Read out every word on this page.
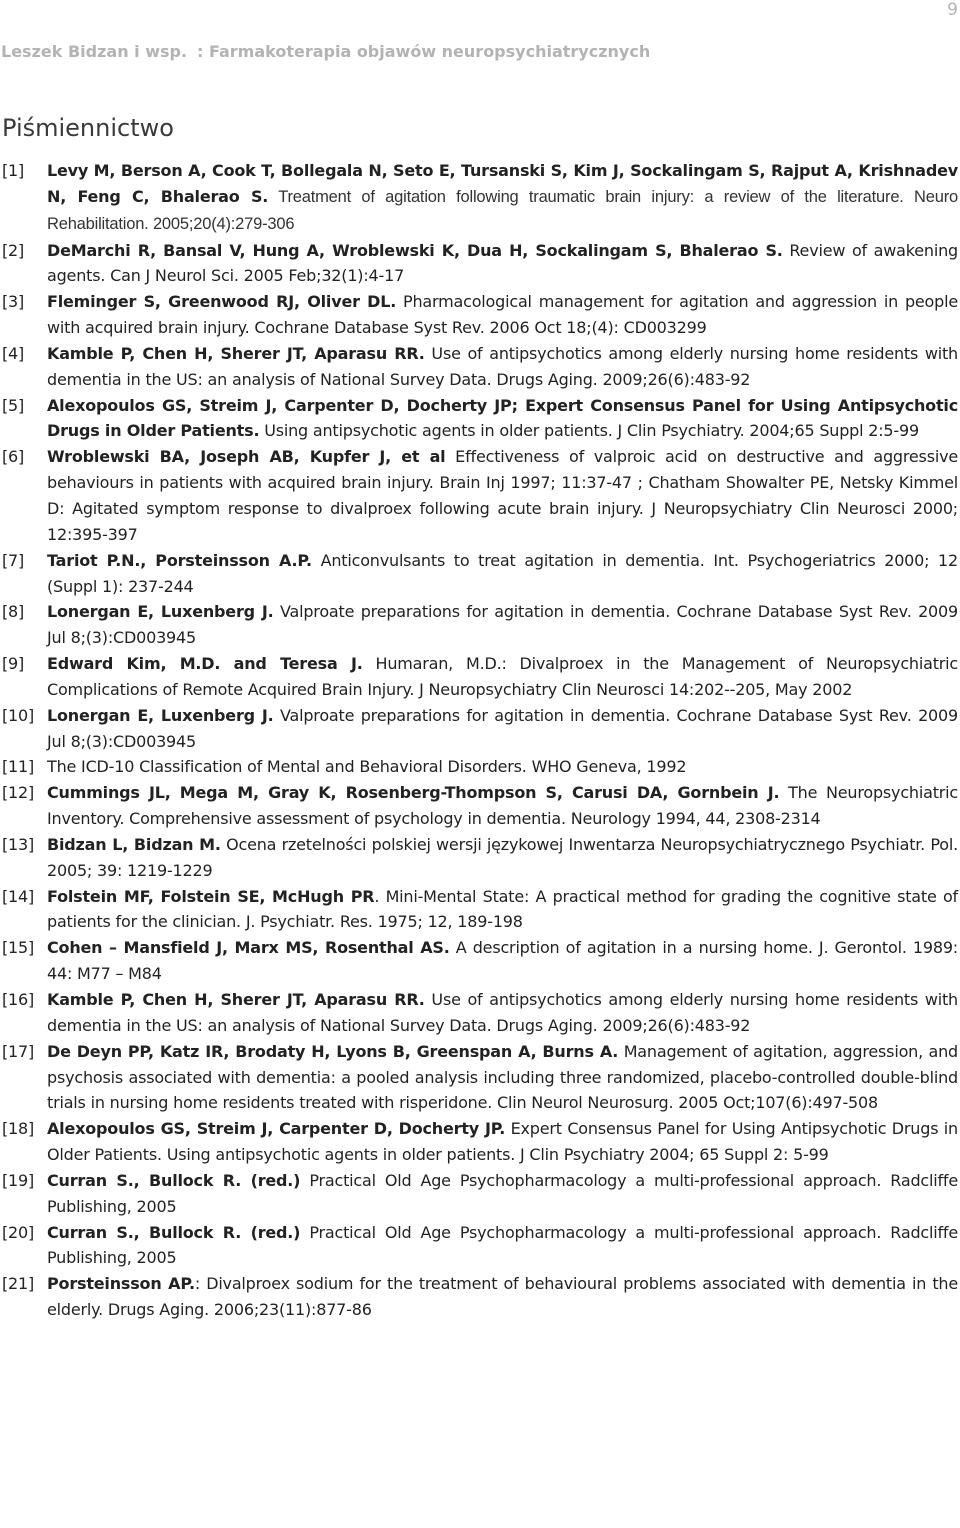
9
Leszek Bidzan i wsp. : Farmakoterapia objawów neuropsychiatrycznych
Piśmiennictwo
[1] Levy M, Berson A, Cook T, Bollegala N, Seto E, Tursanski S, Kim J, Sockalingam S, Rajput A, Krishnadev N, Feng C, Bhalerao S. Treatment of agitation following traumatic brain injury: a review of the literature. Neuro Rehabilitation. 2005;20(4):279-306
[2] DeMarchi R, Bansal V, Hung A, Wroblewski K, Dua H, Sockalingam S, Bhalerao S. Review of awakening agents. Can J Neurol Sci. 2005 Feb;32(1):4-17
[3] Fleminger S, Greenwood RJ, Oliver DL. Pharmacological management for agitation and aggression in people with acquired brain injury. Cochrane Database Syst Rev. 2006 Oct 18;(4): CD003299
[4] Kamble P, Chen H, Sherer JT, Aparasu RR. Use of antipsychotics among elderly nursing home residents with dementia in the US: an analysis of National Survey Data. Drugs Aging. 2009;26(6):483-92
[5] Alexopoulos GS, Streim J, Carpenter D, Docherty JP; Expert Consensus Panel for Using Antipsychotic Drugs in Older Patients. Using antipsychotic agents in older patients. J Clin Psychiatry. 2004;65 Suppl 2:5-99
[6] Wroblewski BA, Joseph AB, Kupfer J, et al Effectiveness of valproic acid on destructive and aggressive behaviours in patients with acquired brain injury. Brain Inj 1997; 11:37-47 ; Chatham Showalter PE, Netsky Kimmel D: Agitated symptom response to divalproex following acute brain injury. J Neuropsychiatry Clin Neurosci 2000; 12:395-397
[7] Tariot P.N., Porsteinsson A.P. Anticonvulsants to treat agitation in dementia. Int. Psychogeriatrics 2000; 12 (Suppl 1): 237-244
[8] Lonergan E, Luxenberg J. Valproate preparations for agitation in dementia. Cochrane Database Syst Rev. 2009 Jul 8;(3):CD003945
[9] Edward Kim, M.D. and Teresa J. Humaran, M.D.: Divalproex in the Management of Neuropsychiatric Complications of Remote Acquired Brain Injury. J Neuropsychiatry Clin Neurosci 14:202--205, May 2002
[10] Lonergan E, Luxenberg J. Valproate preparations for agitation in dementia. Cochrane Database Syst Rev. 2009 Jul 8;(3):CD003945
[11] The ICD-10 Classification of Mental and Behavioral Disorders. WHO Geneva, 1992
[12] Cummings JL, Mega M, Gray K, Rosenberg-Thompson S, Carusi DA, Gornbein J. The Neuropsychiatric Inventory. Comprehensive assessment of psychology in dementia. Neurology 1994, 44, 2308-2314
[13] Bidzan L, Bidzan M. Ocena rzetelności polskiej wersji językowej Inwentarza Neuropsychiatrycznego Psychiatr. Pol. 2005; 39: 1219-1229
[14] Folstein MF, Folstein SE, McHugh PR. Mini-Mental State: A practical method for grading the cognitive state of patients for the clinician. J. Psychiatr. Res. 1975; 12, 189-198
[15] Cohen – Mansfield J, Marx MS, Rosenthal AS. A description of agitation in a nursing home. J. Gerontol. 1989: 44: M77 – M84
[16] Kamble P, Chen H, Sherer JT, Aparasu RR. Use of antipsychotics among elderly nursing home residents with dementia in the US: an analysis of National Survey Data. Drugs Aging. 2009;26(6):483-92
[17] De Deyn PP, Katz IR, Brodaty H, Lyons B, Greenspan A, Burns A. Management of agitation, aggression, and psychosis associated with dementia: a pooled analysis including three randomized, placebo-controlled double-blind trials in nursing home residents treated with risperidone. Clin Neurol Neurosurg. 2005 Oct;107(6):497-508
[18] Alexopoulos GS, Streim J, Carpenter D, Docherty JP. Expert Consensus Panel for Using Antipsychotic Drugs in Older Patients. Using antipsychotic agents in older patients. J Clin Psychiatry 2004; 65 Suppl 2: 5-99
[19] Curran S., Bullock R. (red.) Practical Old Age Psychopharmacology a multi-professional approach. Radcliffe Publishing, 2005
[20] Curran S., Bullock R. (red.) Practical Old Age Psychopharmacology a multi-professional approach. Radcliffe Publishing, 2005
[21] Porsteinsson AP.: Divalproex sodium for the treatment of behavioural problems associated with dementia in the elderly. Drugs Aging. 2006;23(11):877-86
